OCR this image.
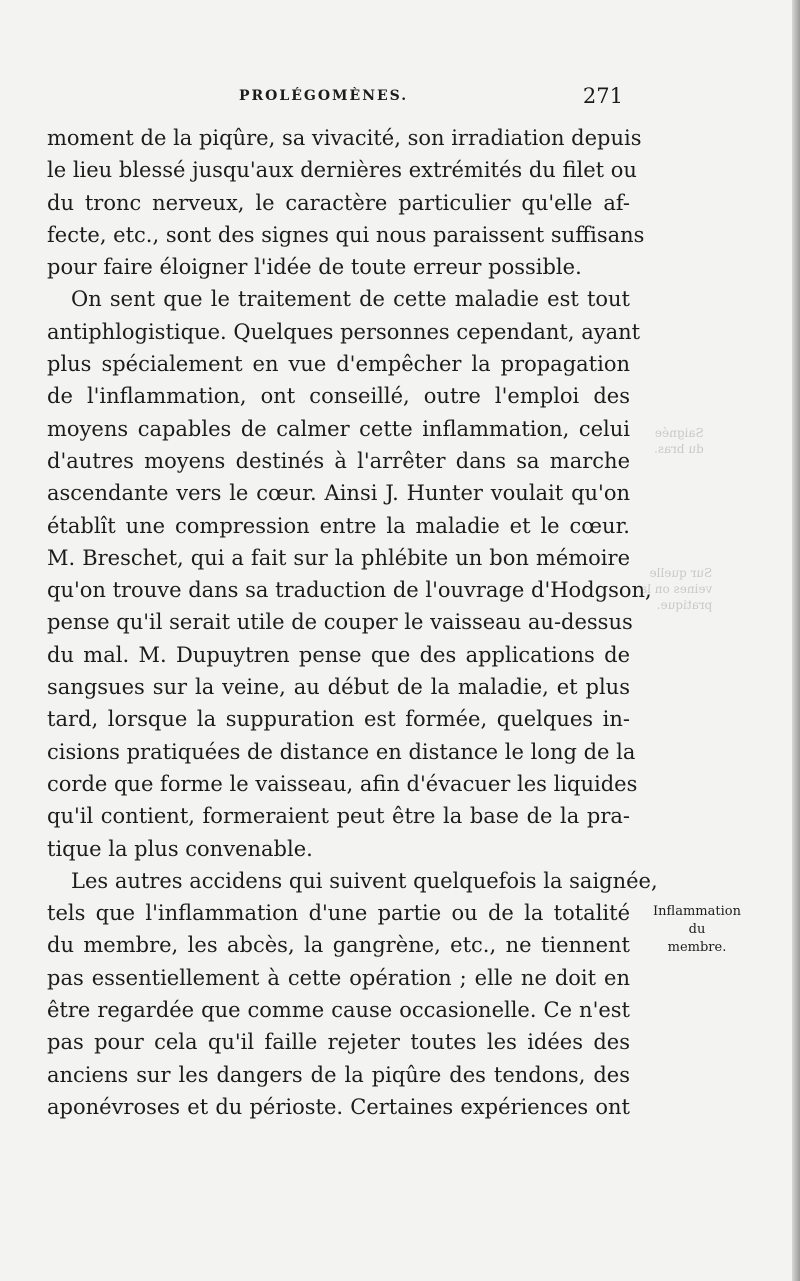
Saignée
du bras.
Sur quelle
veines on la
pratique.
PROLÉGOMÈNES.	271
moment de la piqûre, sa vivacité, son irradiation depuis
le lieu blessé jusqu'aux dernières extrémités du filet ou
du tronc nerveux, le caractère particulier qu'elle af-
fecte, etc., sont des signes qui nous paraissent suffisans
pour faire éloigner l'idée de toute erreur possible.
On sent que le traitement de cette maladie est tout
antiphlogistique. Quelques personnes cependant, ayant
plus spécialement en vue d'empêcher la propagation
de l'inflammation, ont conseillé, outre l'emploi des
moyens capables de calmer cette inflammation, celui
d'autres moyens destinés à l'arrêter dans sa marche
ascendante vers le cœur. Ainsi J. Hunter voulait qu'on
établît une compression entre la maladie et le cœur.
M. Breschet, qui a fait sur la phlébite un bon mémoire
qu'on trouve dans sa traduction de l'ouvrage d'Hodgson,
pense qu'il serait utile de couper le vaisseau au-dessus
du mal. M. Dupuytren pense que des applications de
sangsues sur la veine, au début de la maladie, et plus
tard, lorsque la suppuration est formée, quelques in-
cisions pratiquées de distance en distance le long de la
corde que forme le vaisseau, afin d'évacuer les liquides
qu'il contient, formeraient peut être la base de la pra-
tique la plus convenable.
Les autres accidens qui suivent quelquefois la saignée,
tels que l'inflammation d'une partie ou de la totalité
du membre, les abcès, la gangrène, etc., ne tiennent
pas essentiellement à cette opération ; elle ne doit en
être regardée que comme cause occasionelle. Ce n'est
pas pour cela qu'il faille rejeter toutes les idées des
anciens sur les dangers de la piqûre des tendons, des
aponévroses et du périoste. Certaines expériences ont
Inflammation
du
membre.
